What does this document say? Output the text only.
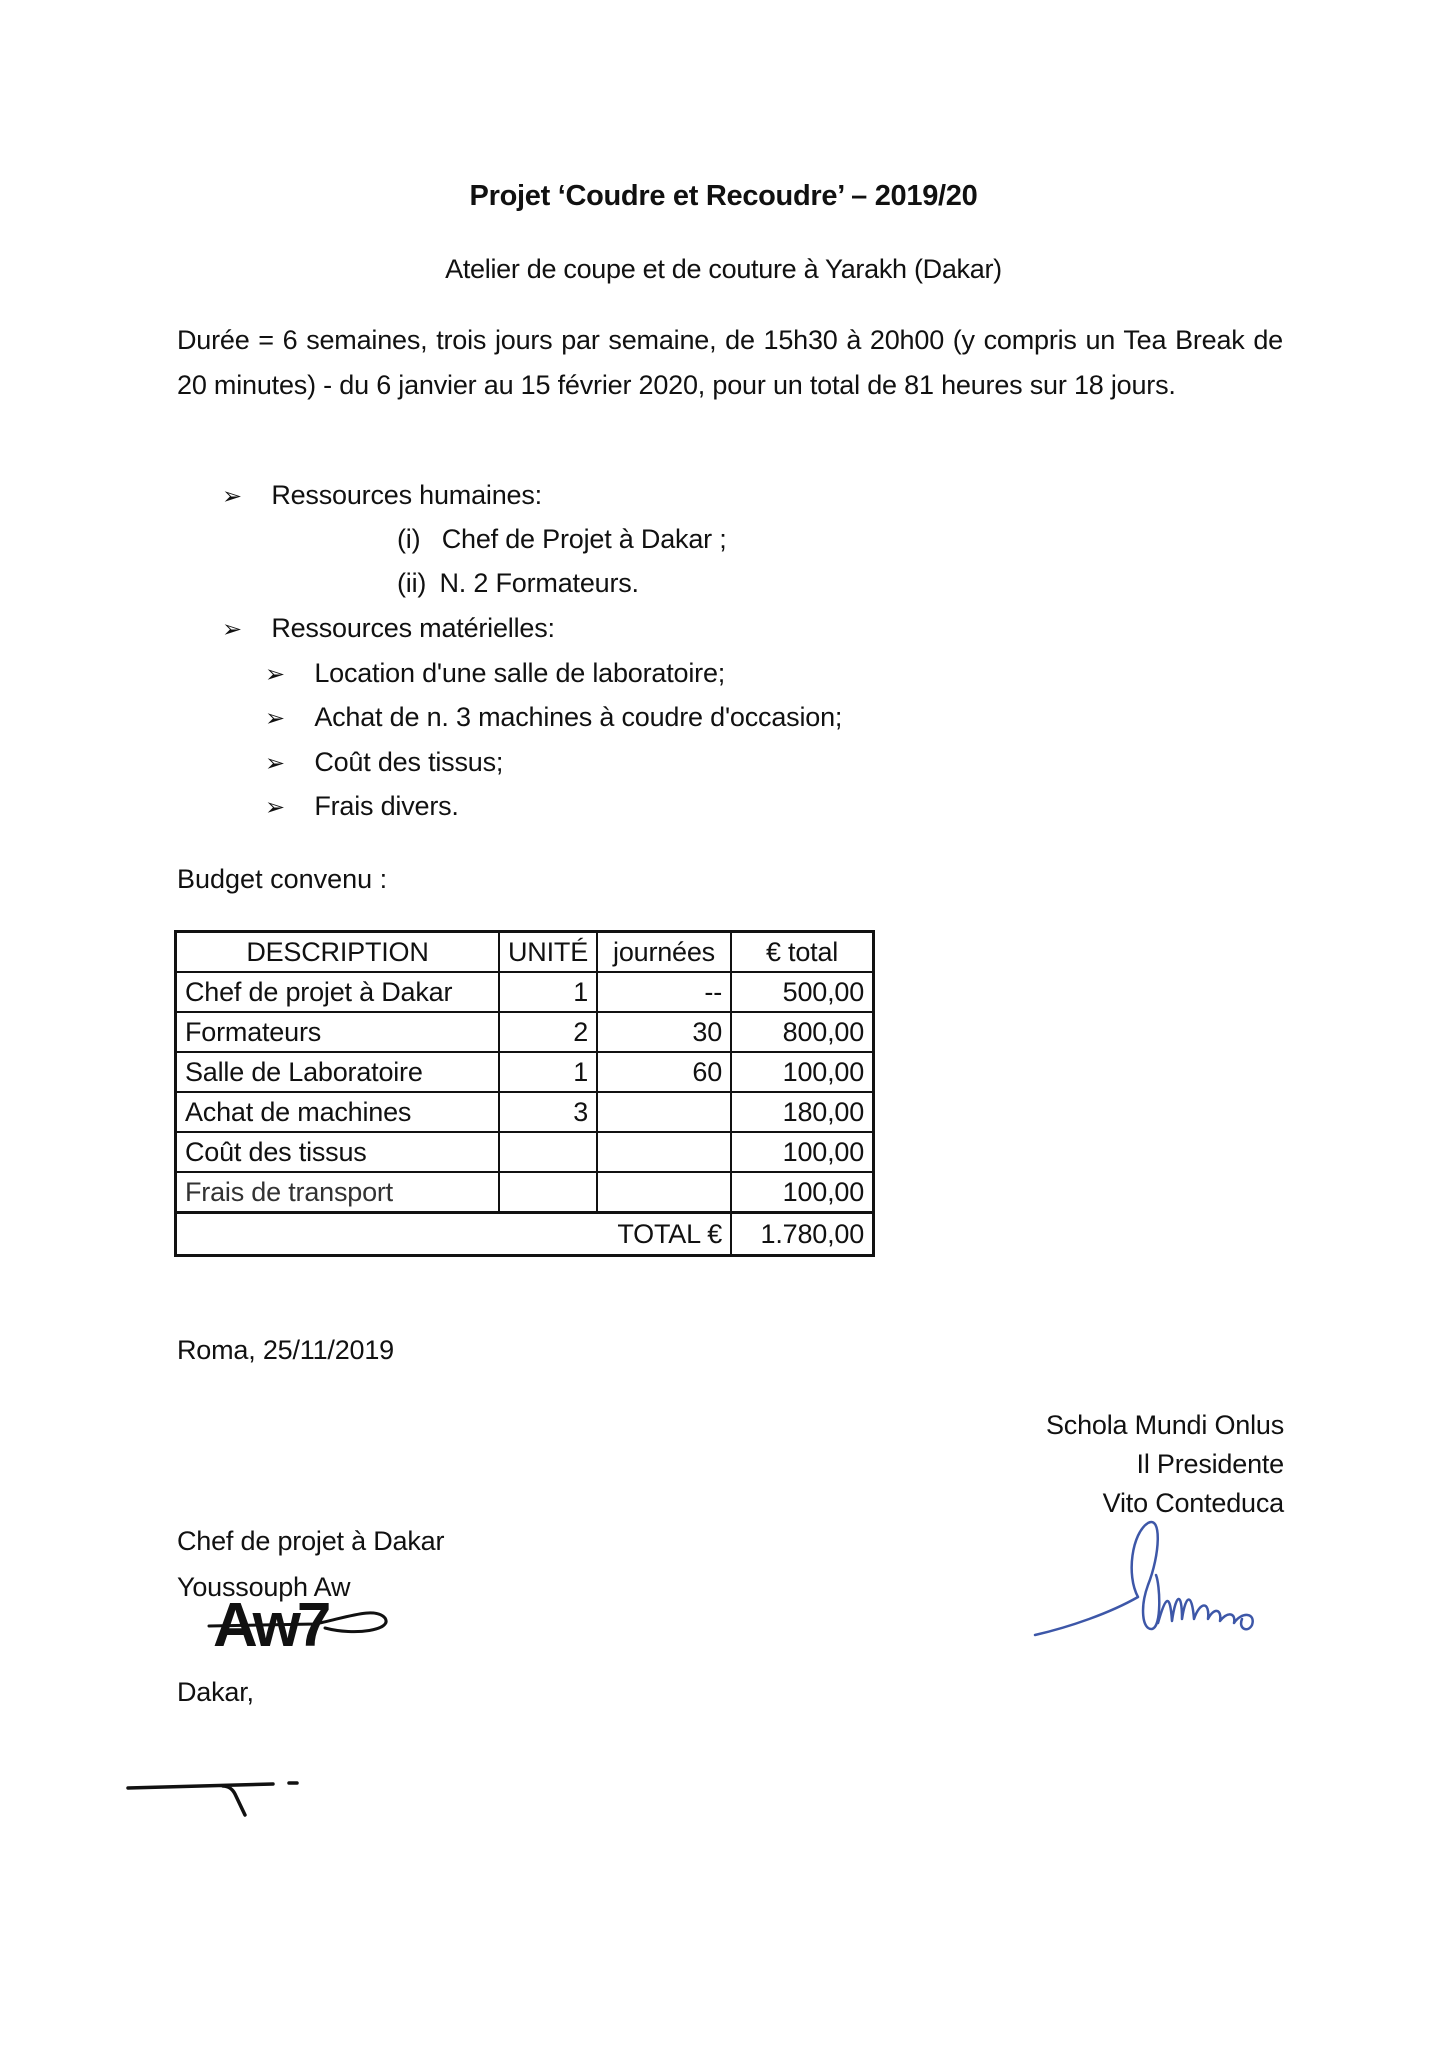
Projet ‘Coudre et Recoudre’ – 2019/20
Atelier de coupe et de couture à Yarakh (Dakar)
Durée = 6 semaines, trois jours par semaine, de 15h30 à 20h00 (y compris un Tea Break de 20 minutes) - du 6 janvier au 15 février 2020, pour un total de 81 heures sur 18 jours.
➢ Ressources humaines:
(i) Chef de Projet à Dakar ;
(ii) N. 2 Formateurs.
➢ Ressources matérielles:
➢ Location d'une salle de laboratoire;
➢ Achat de n. 3 machines à coudre d'occasion;
➢ Coût des tissus;
➢ Frais divers.
Budget convenu :
DESCRIPTION	UNITÉ	journées	€ total
Chef de projet à Dakar	1	--	500,00
Formateurs	2	30	800,00
Salle de Laboratoire	1	60	100,00
Achat de machines	3		180,00
Coût des tissus			100,00
Frais de transport			100,00
TOTAL €			1.780,00
Roma, 25/11/2019
Schola Mundi Onlus
Il Presidente
Vito Conteduca
Chef de projet à Dakar
Youssouph Aw
Aw7
Dakar,
